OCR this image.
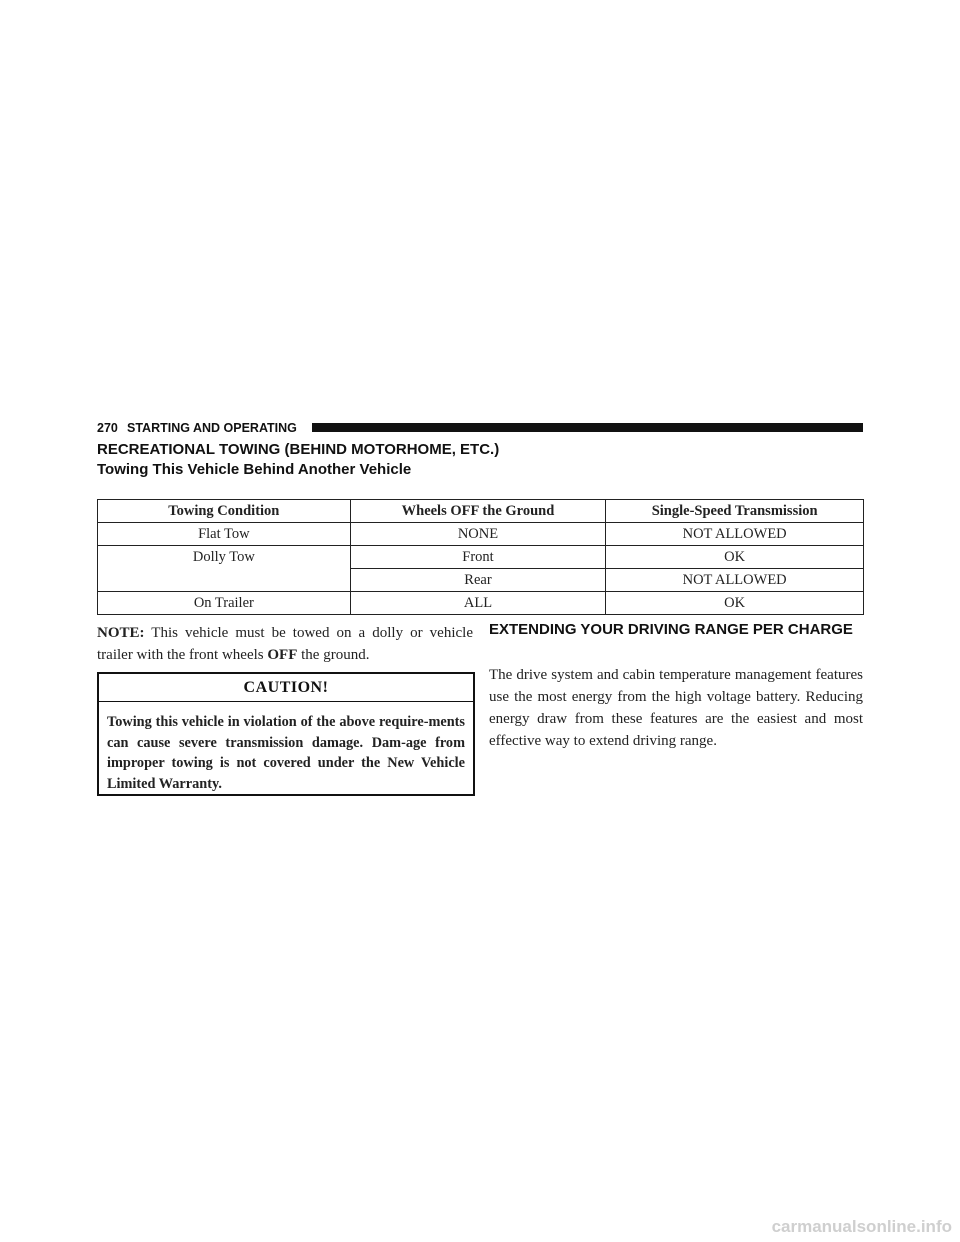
270 STARTING AND OPERATING
RECREATIONAL TOWING (BEHIND MOTORHOME, ETC.)
Towing This Vehicle Behind Another Vehicle
Towing Condition	Wheels OFF the Ground	Single-Speed Transmission
Flat Tow	NONE	NOT ALLOWED
Dolly Tow	Front	OK
	Rear	NOT ALLOWED
On Trailer	ALL	OK
NOTE: This vehicle must be towed on a dolly or vehicle trailer with the front wheels OFF the ground.
CAUTION!
Towing this vehicle in violation of the above require-ments can cause severe transmission damage. Dam-age from improper towing is not covered under the New Vehicle Limited Warranty.
EXTENDING YOUR DRIVING RANGE PER CHARGE
The drive system and cabin temperature management features use the most energy from the high voltage battery. Reducing energy draw from these features are the easiest and most effective way to extend driving range.
carmanualsonline.info
